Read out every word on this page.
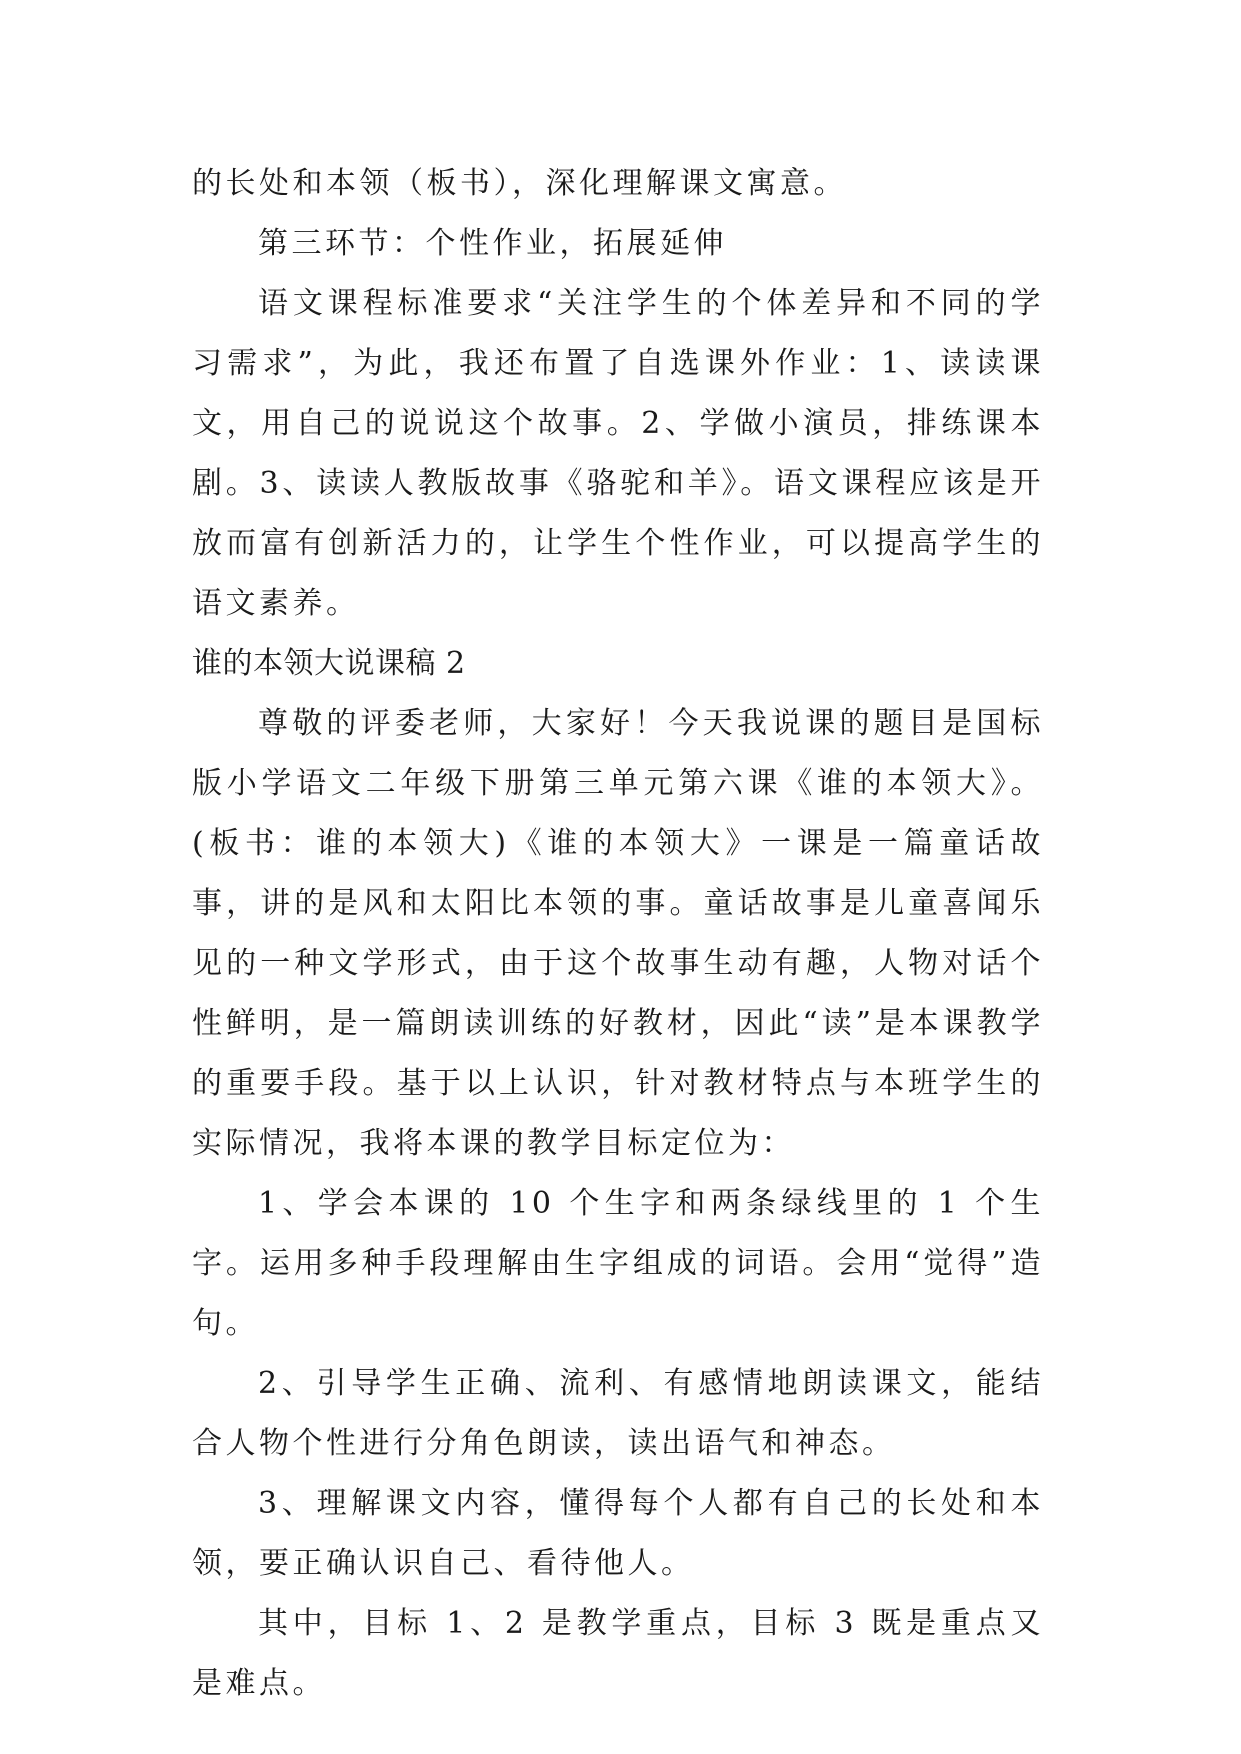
的长处和本领（板书），深化理解课文寓意。

第三环节：个性作业，拓展延伸

语文课程标准要求“关注学生的个体差异和不同的学习需求”，为此，我还布置了自选课外作业：1、读读课文，用自己的说说这个故事。2、学做小演员，排练课本剧。3、读读人教版故事《骆驼和羊》。语文课程应该是开放而富有创新活力的，让学生个性作业，可以提高学生的语文素养。

谁的本领大说课稿 2

尊敬的评委老师，大家好！今天我说课的题目是国标版小学语文二年级下册第三单元第六课《谁的本领大》。(板书：谁的本领大)《谁的本领大》一课是一篇童话故事，讲的是风和太阳比本领的事。童话故事是儿童喜闻乐见的一种文学形式，由于这个故事生动有趣，人物对话个性鲜明，是一篇朗读训练的好教材，因此“读”是本课教学的重要手段。基于以上认识，针对教材特点与本班学生的实际情况，我将本课的教学目标定位为：

1、学会本课的 10 个生字和两条绿线里的 1 个生字。运用多种手段理解由生字组成的词语。会用“觉得”造句。

2、引导学生正确、流利、有感情地朗读课文，能结合人物个性进行分角色朗读，读出语气和神态。

3、理解课文内容，懂得每个人都有自己的长处和本领，要正确认识自己、看待他人。

其中，目标 1、2 是教学重点，目标 3 既是重点又是难点。
